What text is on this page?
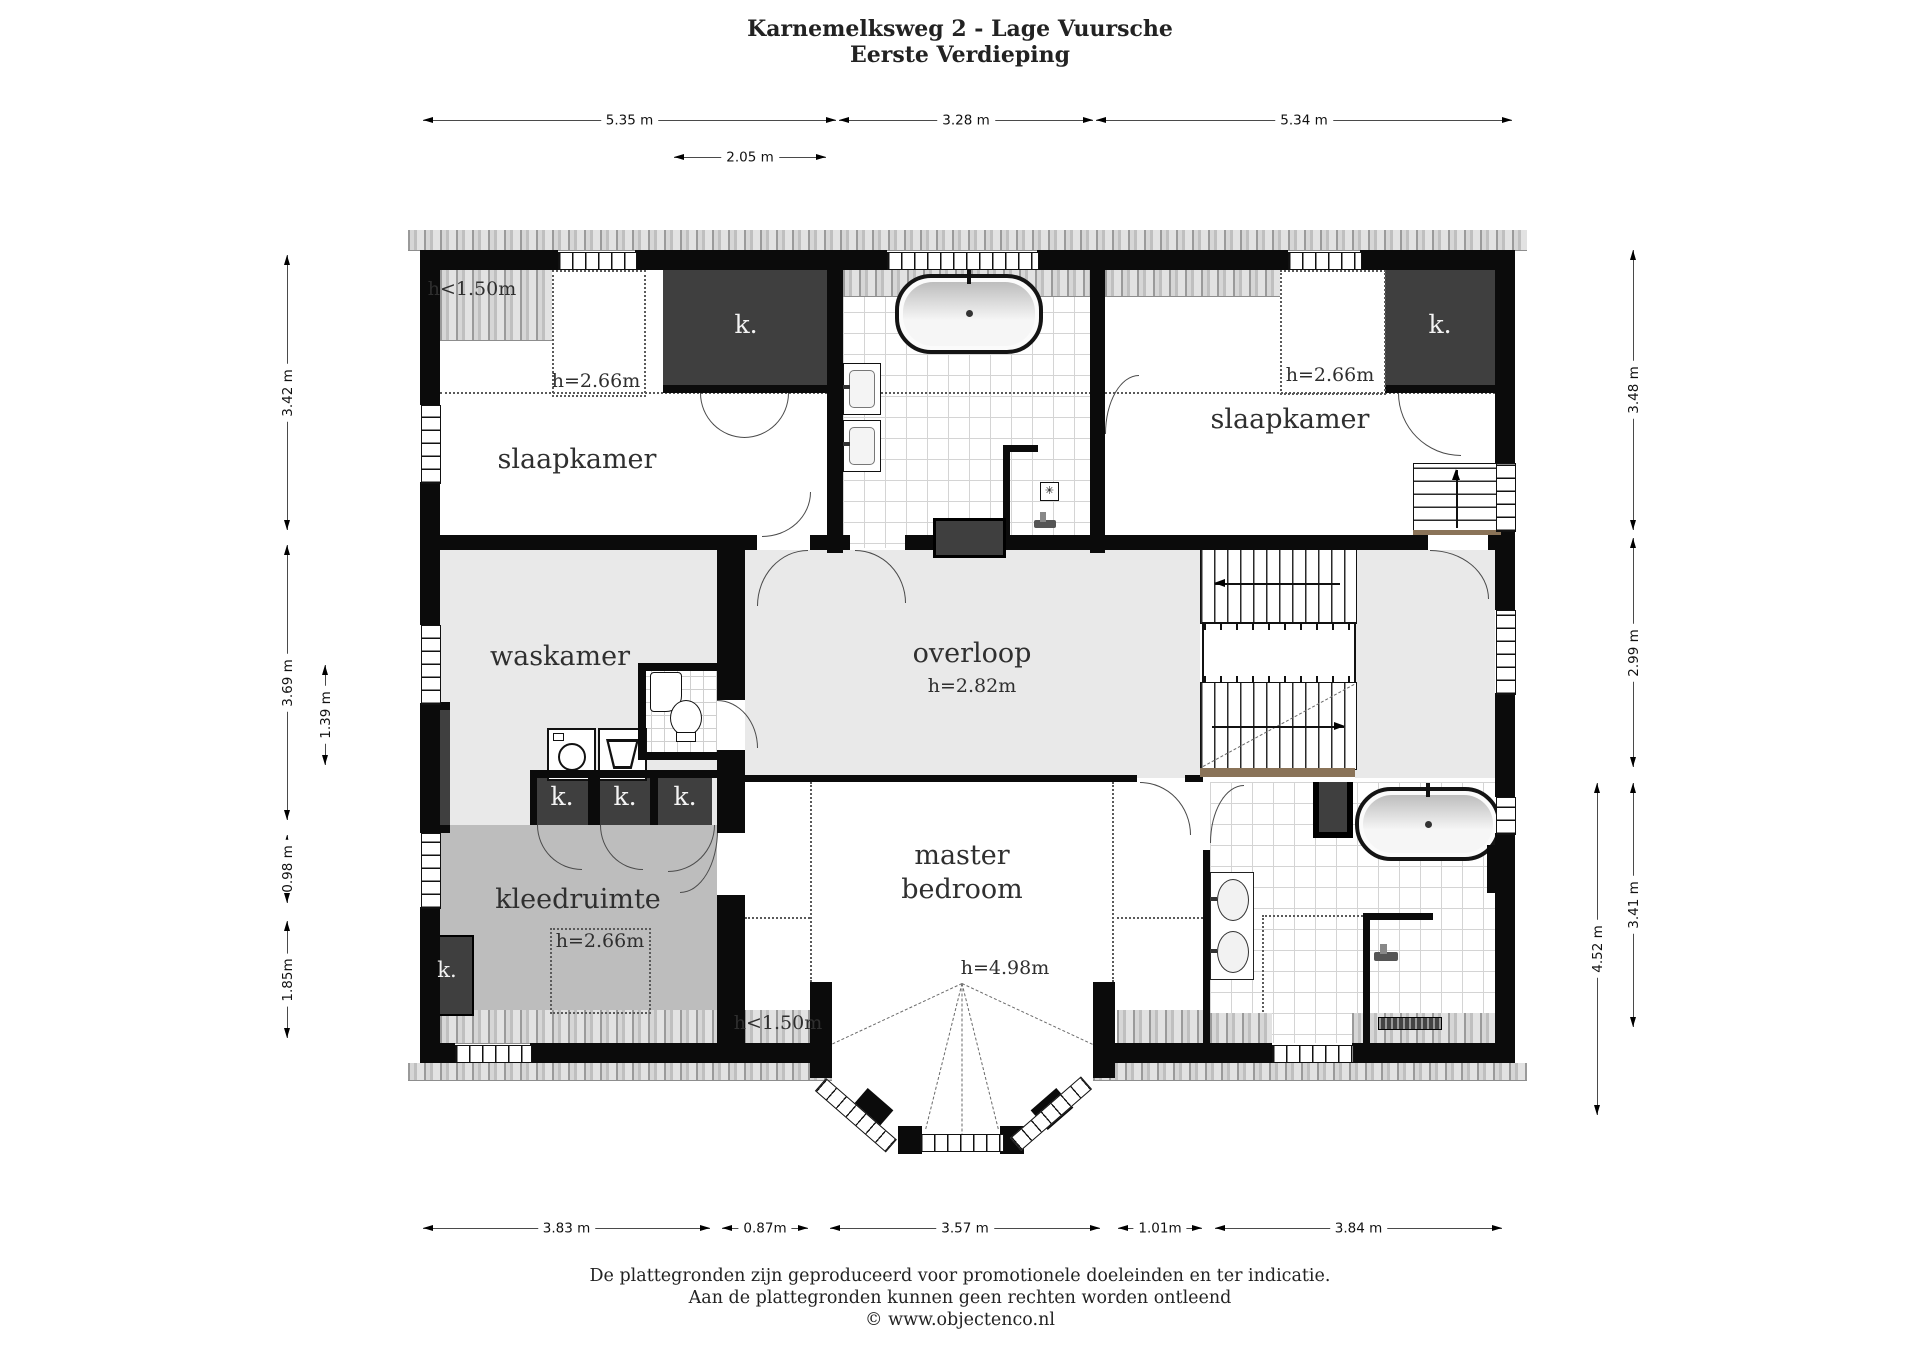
Karnemelksweg 2 - Lage Vuursche
Eerste Verdieping
✳
slaapkamer
slaapkamer
waskamer	overloop
h=2.82m
kleedruimte
master
bedroom
h<1.50m
h<1.50m
h=2.66m	h=2.66m
h=2.66m
h=4.98m
k.	k.
k.	k.	k.
k.
5.35 m	3.28 m	5.34 m
2.05 m
3.83 m	0.87m	3.57 m	1.01m	3.84 m
3.42 m
3.69 m
0.98 m
1.85m
1.39 m
3.48 m
2.99 m
3.41 m
4.52 m
De plattegronden zijn geproduceerd voor promotionele doeleinden en ter indicatie.
Aan de plattegronden kunnen geen rechten worden ontleend
© www.objectenco.nl
